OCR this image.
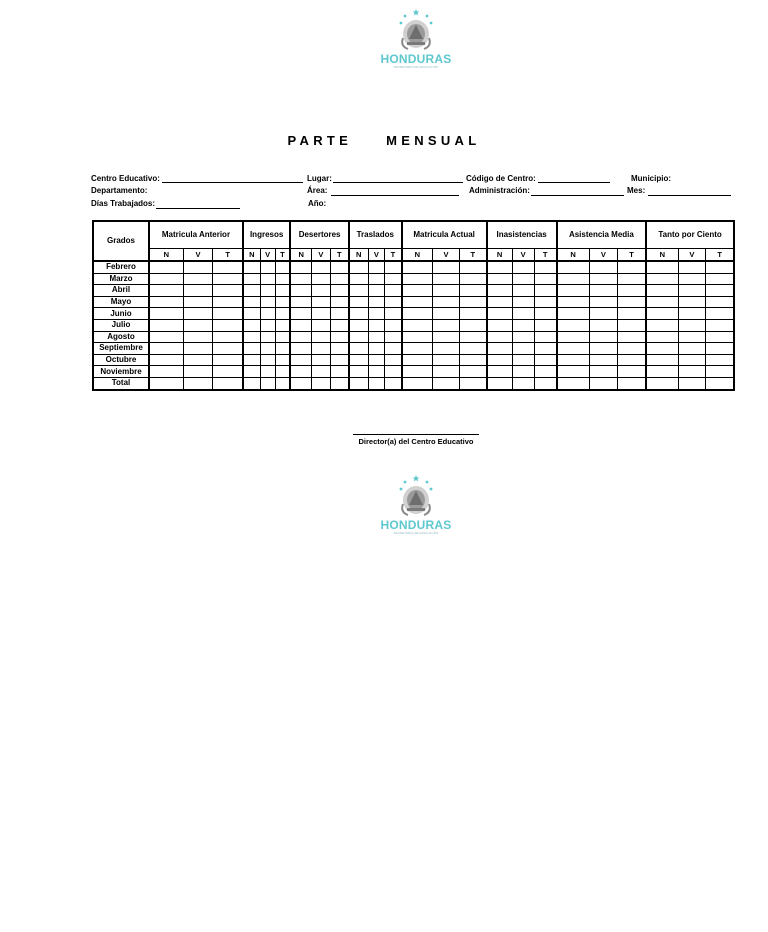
HONDURAS
SECRETARÍA DE EDUCACIÓN
PARTE	MENSUAL
Centro Educativo:	Lugar:	Código de Centro:	Municipio:
Departamento:	Área:	Administración:	Mes:
Días Trabajados:	Año:
Grados	Matricula Anterior			Ingresos			Desertores			Traslados			Matricula Actual			Inasistencias			Asistencia Media			Tanto por Ciento		
	N	V	T	N	V	T	N	V	T	N	V	T	N	V	T	N	V	T	N	V	T	N	V	T
Febrero																								
Marzo																								
Abril																								
Mayo																								
Junio																								
Julio																								
Agosto																								
Septiembre																								
Octubre																								
Noviembre																								
Total																								
Director(a) del Centro Educativo
HONDURAS
SECRETARÍA DE EDUCACIÓN
